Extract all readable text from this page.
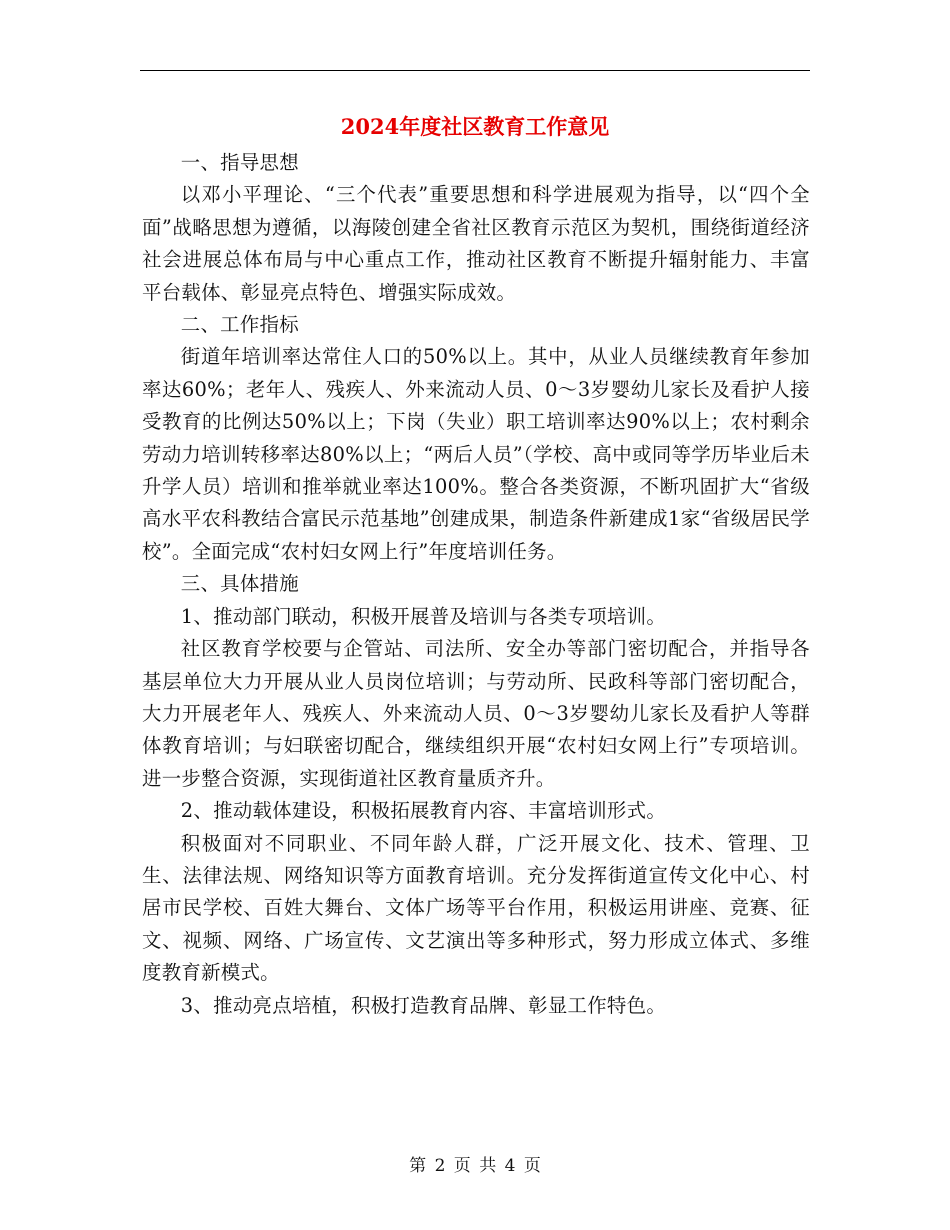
2024年度社区教育工作意见

一、指导思想

以邓小平理论、“三个代表”重要思想和科学进展观为指导，以“四个全面”战略思想为遵循，以海陵创建全省社区教育示范区为契机，围绕街道经济社会进展总体布局与中心重点工作，推动社区教育不断提升辐射能力、丰富平台载体、彰显亮点特色、增强实际成效。

二、工作指标

街道年培训率达常住人口的50%以上。其中，从业人员继续教育年参加率达60%；老年人、残疾人、外来流动人员、0～3岁婴幼儿家长及看护人接受教育的比例达50%以上；下岗（失业）职工培训率达90%以上；农村剩余劳动力培训转移率达80%以上；“两后人员”（学校、高中或同等学历毕业后未升学人员）培训和推举就业率达100%。整合各类资源，不断巩固扩大“省级高水平农科教结合富民示范基地”创建成果，制造条件新建成1家“省级居民学校”。全面完成“农村妇女网上行”年度培训任务。

三、具体措施

1、推动部门联动，积极开展普及培训与各类专项培训。

社区教育学校要与企管站、司法所、安全办等部门密切配合，并指导各基层单位大力开展从业人员岗位培训；与劳动所、民政科等部门密切配合，大力开展老年人、残疾人、外来流动人员、0～3岁婴幼儿家长及看护人等群体教育培训；与妇联密切配合，继续组织开展“农村妇女网上行”专项培训。进一步整合资源，实现街道社区教育量质齐升。

2、推动载体建设，积极拓展教育内容、丰富培训形式。

积极面对不同职业、不同年龄人群，广泛开展文化、技术、管理、卫生、法律法规、网络知识等方面教育培训。充分发挥街道宣传文化中心、村居市民学校、百姓大舞台、文体广场等平台作用，积极运用讲座、竞赛、征文、视频、网络、广场宣传、文艺演出等多种形式，努力形成立体式、多维度教育新模式。

3、推动亮点培植，积极打造教育品牌、彰显工作特色。

第 2 页 共 4 页
